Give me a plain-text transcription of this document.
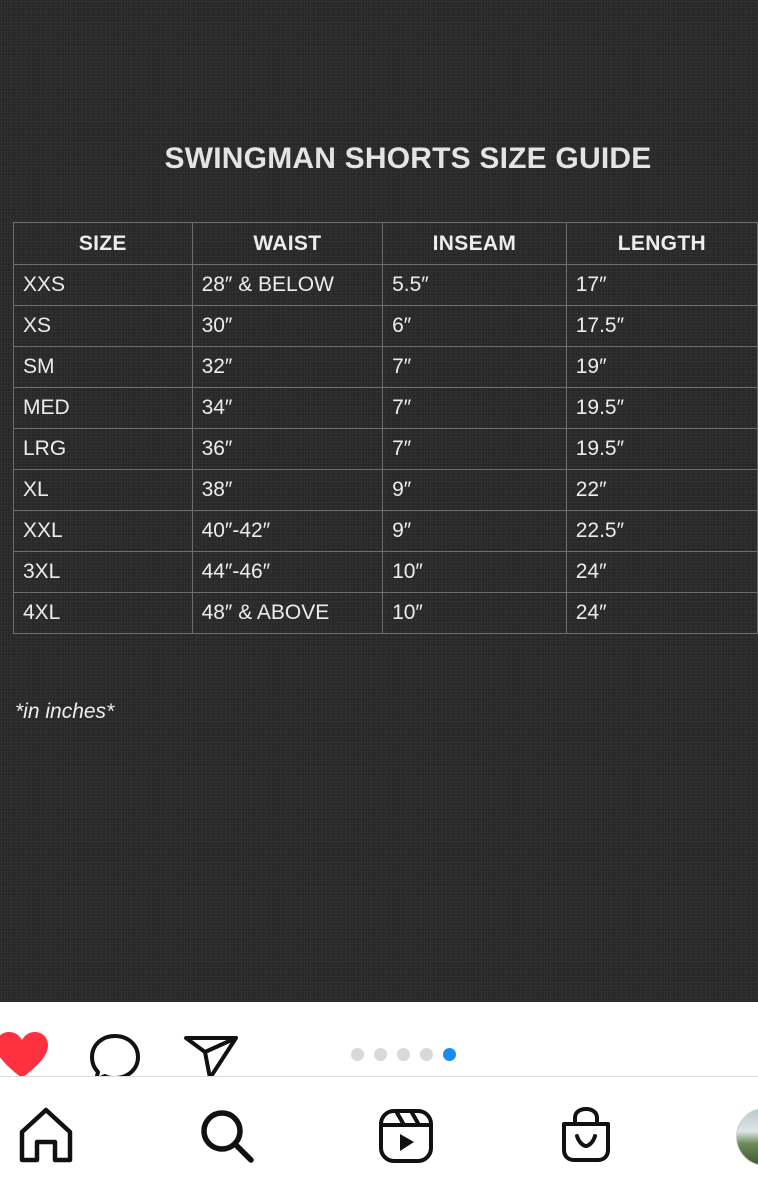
SWINGMAN SHORTS SIZE GUIDE
SIZE	WAIST	INSEAM	LENGTH
XXS	28″ & BELOW	5.5″	17″
XS	30″	6″	17.5″
SM	32″	7″	19″
MED	34″	7″	19.5″
LRG	36″	7″	19.5″
XL	38″	9″	22″
XXL	40″-42″	9″	22.5″
3XL	44″-46″	10″	24″
4XL	48″ & ABOVE	10″	24″
*in inches*
